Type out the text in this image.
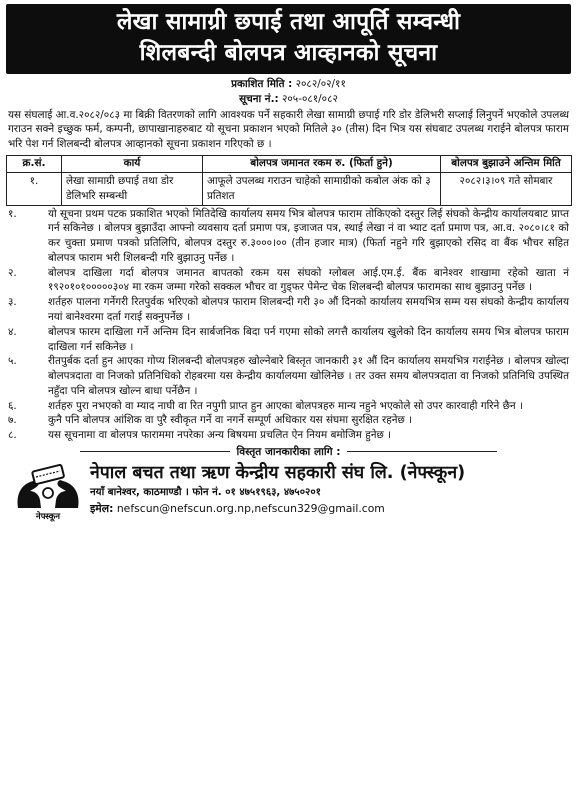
लेखा सामाग्री छपाई तथा आपूर्ति सम्वन्धी
शिलबन्दी बोलपत्र आव्हानको सूचना
प्रकाशित मिति : २०८२/०२/११
सूचना नं.: २०५-०८१/०८२

यस संघलाई आ.व.२०८२/०८३ मा बिक्री वितरणको लागि आवश्यक पर्ने सहकारी लेखा सामाग्री छपाई गरि डोर डेलिभरी सप्लाई लिनुपर्ने भएकोले उपलब्ध गराउन सक्ने इच्छुक फर्म, कम्पनी, छापाखानाहरुबाट यो सूचना प्रकाशन भएको मितिले ३० (तीस) दिन भित्र यस संघबाट उपलब्ध गराईने बोलपत्र फाराम भरि पेश गर्न शिलबन्दी बोलपत्र आव्हानको सूचना प्रकाशन गरिएको छ ।

क्र.सं.	कार्य	बोलपत्र जमानत रकम रु. (फिर्ता हुने)	बोलपत्र बुझाउने अन्तिम मिति
१.	लेखा सामाग्री छपाई तथा डोर डेलिभरि सम्बन्धी	आफूले उपलब्ध गराउन चाहेको सामाग्रीको कबोल अंक को ३ प्रतिशत	२०८२।३।०९ गते सोमबार
१.	यो सूचना प्रथम पटक प्रकाशित भएको मितिदेखि कार्यालय समय भित्र बोलपत्र फाराम तोकिएको दस्तुर लिई संघको केन्द्रीय कार्यालयबाट प्राप्त गर्न सकिनेछ । बोलपत्र बुझाउँदा आफ्नो व्यवसाय दर्ता प्रमाण पत्र, इजाजत पत्र, स्थाई लेखा नं वा भ्याट दर्ता प्रमाण पत्र, आ.व. २०८०।८१ को कर चुक्ता प्रमाण पत्रको प्रतिलिपि, बोलपत्र दस्तुर रु.३०००।०० (तीन हजार मात्र) (फिर्ता नहुने गरि बुझाएको रसिद वा बैंक भौचर सहित बोलपत्र फाराम भरी शिलबन्दी गरि बुझाउनु पर्नेछ ।
२.	बोलपत्र दाखिला गर्दा बोलपत्र जमानत बापतको रकम यस संघको ग्लोबल आई.एम.ई. बैंक बानेश्वर शाखामा रहेको खाता नं १९२०१०१०००००३०४ मा रकम जम्मा गरेको सक्कल भौचर वा गुड्फर पेमेन्ट चेक शिलबन्दी बोलपत्र फारामका साथ बुझाउनु पर्नेछ ।
३.	शर्तहरु पालना गर्नेगरी रितपुर्वक भरिएको बोलपत्र फाराम शिलबन्दी गरी ३० औं दिनको कार्यालय समयभित्र सम्म यस संघको केन्द्रीय कार्यालय नयां बानेश्वरमा दर्ता गराई सक्नुपर्नेछ ।
४.	बोलपत्र फारम दाखिला गर्ने अन्तिम दिन सार्बजनिक बिदा पर्न गएमा सोको लगत्तै कार्यालय खुलेको दिन कार्यालय समय भित्र बोलपत्र फाराम दाखिला गर्न सकिनेछ ।
५.	रीतपुर्बक दर्ता हुन आएका गोप्य शिलबन्दी बोलपत्रहरु खोल्नेबारे बिस्तृत जानकारी ३१ औं दिन कार्यालय समयभित्र गराईनेछ । बोलपत्र खोल्दा बोलपत्रदाता वा निजको प्रतिनिधिको रोहबरमा यस केन्द्रीय कार्यालयमा खोलिनेछ । तर उक्त समय बोलपत्रदाता वा निजको प्रतिनिधि उपस्थित नहुँदा पनि बोलपत्र खोल्न बाधा पर्नेछैन ।
६.	शर्तहरु पुरा नभएको वा म्याद नाघी वा रित नपुगी प्राप्त हुन आएका बोलपत्रहरु मान्य नहुने भएकोले सो उपर कारवाही गरिने छैन ।
७.	कुनै पनि बोलपत्र आंशिक वा पुरै स्वीकृत गर्ने वा नगर्ने सम्पूर्ण अधिकार यस संघमा सुरक्षित रहनेछ ।
८.	यस सूचनामा वा बोलपत्र फाराममा नपरेका अन्य बिषयमा प्रचलित ऐन नियम बमोजिम हुनेछ ।
विस्तृत जानकारीका लागि :
नेफ्स्कून
नेपाल बचत तथा ऋण केन्द्रीय सहकारी संघ लि. (नेफ्स्कून)
नयाँ बानेश्वर, काठमाण्डौ । फोन नं. ०१ ४७५१९६३, ४७५०२०१
इमेल: nefscun@nefscun.org.np,nefscun329@gmail.com
